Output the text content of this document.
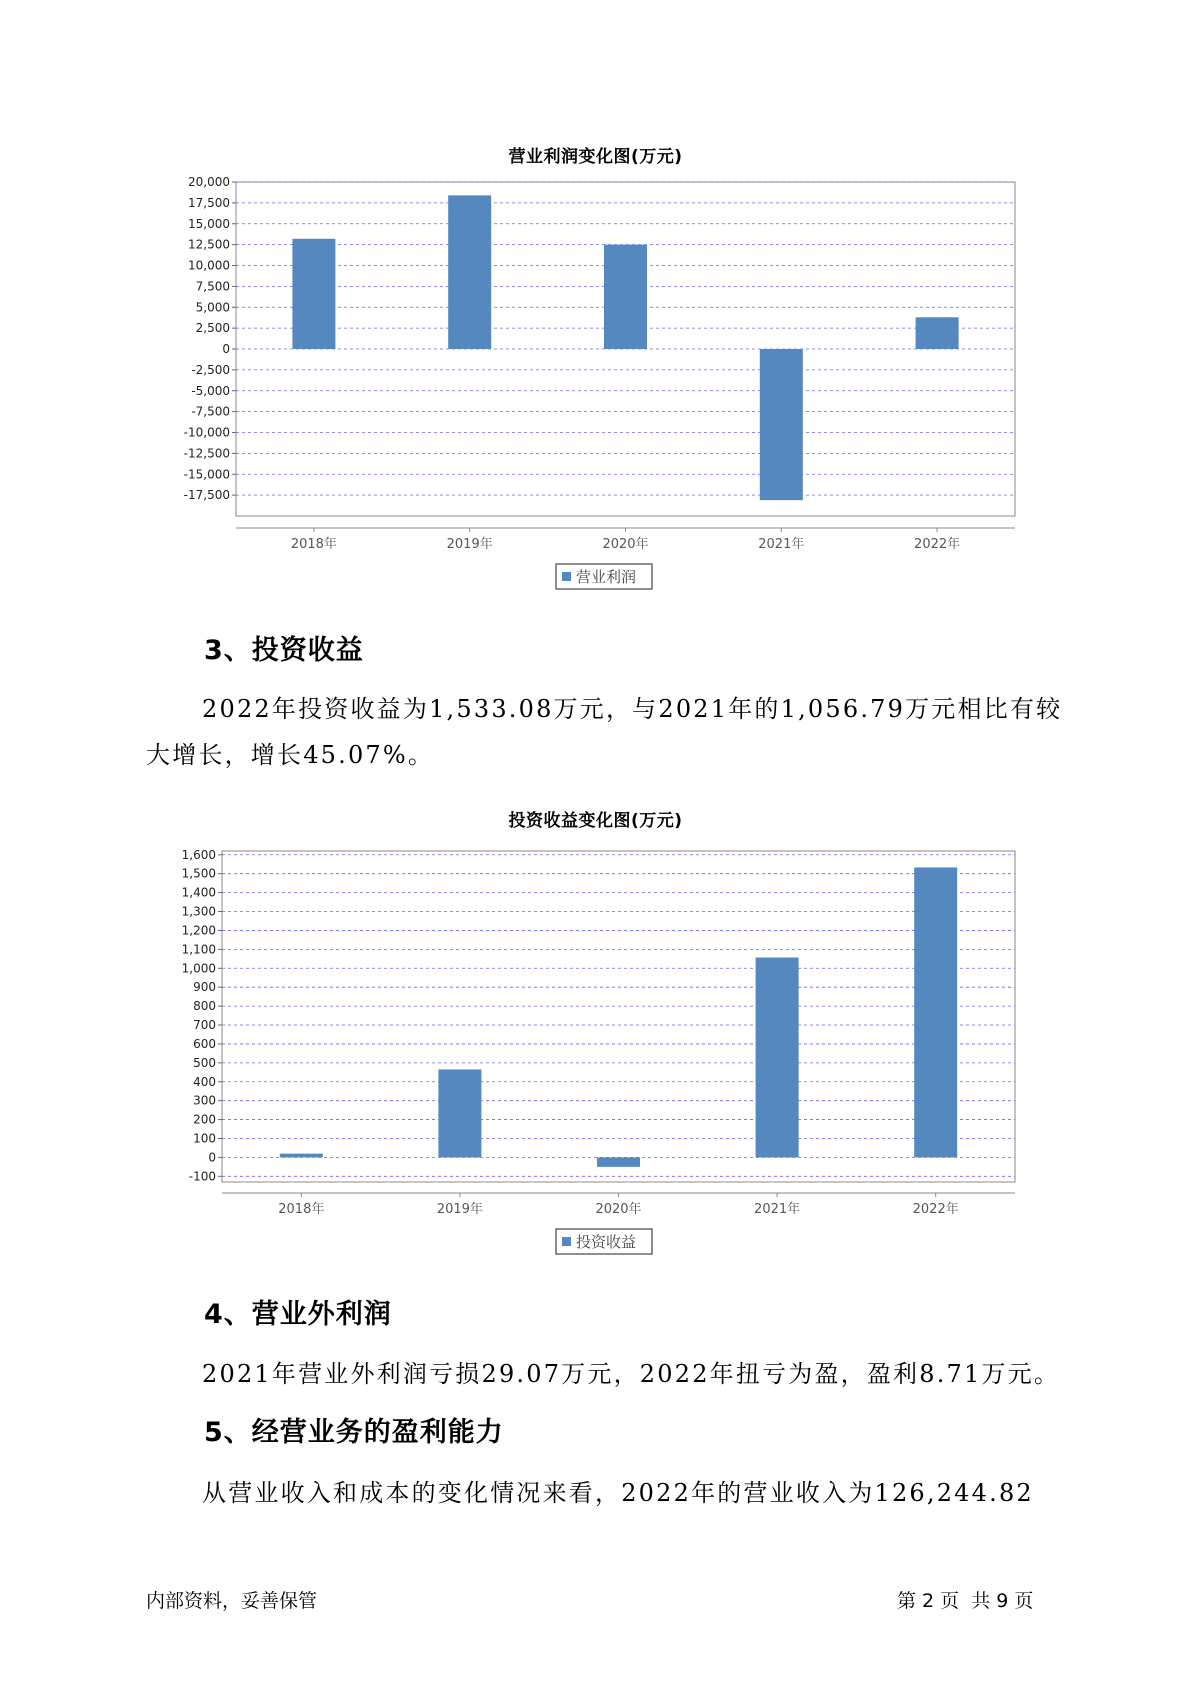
营业利润变化图(万元)
20,000
17,500
15,000
12,500
10,000
7,500
5,000
2,500
0
-2,500
-5,000
-7,500
-10,000
-12,500
-15,000
-17,500
2018年	2019年	2020年	2021年	2022年
营业利润
3、投资收益
2022年投资收益为1,533.08万元，与2021年的1,056.79万元相比有较
大增长，增长45.07%。
投资收益变化图(万元)
1,600
1,500
1,400
1,300
1,200
1,100
1,000
900
800
700
600
500
400
300
200
100
0
-100
2018年	2019年	2020年	2021年	2022年
投资收益
4、营业外利润
2021年营业外利润亏损29.07万元，2022年扭亏为盈，盈利8.71万元。
5、经营业务的盈利能力
从营业收入和成本的变化情况来看，2022年的营业收入为126,244.82
内部资料，妥善保管	第 2 页  共 9 页
